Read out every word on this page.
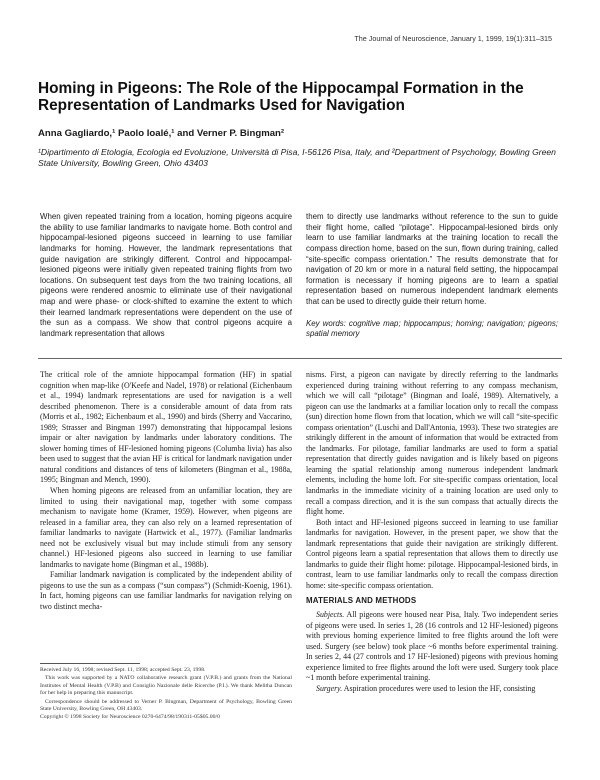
The Journal of Neuroscience, January 1, 1999, 19(1):311–315
Homing in Pigeons: The Role of the Hippocampal Formation in the Representation of Landmarks Used for Navigation
Anna Gagliardo,¹ Paolo Ioalé,¹ and Verner P. Bingman²
¹Dipartimento di Etologia, Ecologia ed Evoluzione, Università di Pisa, I-56126 Pisa, Italy, and ²Department of Psychology, Bowling Green State University, Bowling Green, Ohio 43403
When given repeated training from a location, homing pigeons acquire the ability to use familiar landmarks to navigate home. Both control and hippocampal-lesioned pigeons succeed in learning to use familiar landmarks for homing. However, the landmark representations that guide navigation are strikingly different. Control and hippocampal-lesioned pigeons were initially given repeated training flights from two locations. On subsequent test days from the two training locations, all pigeons were rendered anosmic to eliminate use of their navigational map and were phase- or clock-shifted to examine the extent to which their learned landmark representations were dependent on the use of the sun as a compass. We show that control pigeons acquire a landmark representation that allows
them to directly use landmarks without reference to the sun to guide their flight home, called “pilotage”. Hippocampal-lesioned birds only learn to use familiar landmarks at the training location to recall the compass direction home, based on the sun, flown during training, called “site-specific compass orientation.” The results demonstrate that for navigation of 20 km or more in a natural field setting, the hippocampal formation is necessary if homing pigeons are to learn a spatial representation based on numerous independent landmark elements that can be used to directly guide their return home.
Key words: cognitive map; hippocampus; homing; navigation; pigeons; spatial memory

The critical role of the amniote hippocampal formation (HF) in spatial cognition when map-like (O'Keefe and Nadel, 1978) or relational (Eichenbaum et al., 1994) landmark representations are used for navigation is a well described phenomenon. There is a considerable amount of data from rats (Morris et al., 1982; Eichenbaum et al., 1990) and birds (Sherry and Vaccarino, 1989; Strasser and Bingman 1997) demonstrating that hippocampal lesions impair or alter navigation by landmarks under laboratory conditions. The slower homing times of HF-lesioned homing pigeons (Columba livia) has also been used to suggest that the avian HF is critical for landmark navigation under natural conditions and distances of tens of kilometers (Bingman et al., 1988a, 1995; Bingman and Mench, 1990).

When homing pigeons are released from an unfamiliar location, they are limited to using their navigational map, together with some compass mechanism to navigate home (Kramer, 1959). However, when pigeons are released in a familiar area, they can also rely on a learned representation of familiar landmarks to navigate (Hartwick et al., 1977). (Familiar landmarks need not be exclusively visual but may include stimuli from any sensory channel.) HF-lesioned pigeons also succeed in learning to use familiar landmarks to navigate home (Bingman et al., 1988b).

Familiar landmark navigation is complicated by the independent ability of pigeons to use the sun as a compass (“sun compass”) (Schmidt-Koenig, 1961). In fact, homing pigeons can use familiar landmarks for navigation relying on two distinct mecha-

nisms. First, a pigeon can navigate by directly referring to the landmarks experienced during training without referring to any compass mechanism, which we will call “pilotage” (Bingman and Ioalé, 1989). Alternatively, a pigeon can use the landmarks at a familiar location only to recall the compass (sun) direction home flown from that location, which we will call “site-specific compass orientation” (Luschi and Dall'Antonia, 1993). These two strategies are strikingly different in the amount of information that would be extracted from the landmarks. For pilotage, familiar landmarks are used to form a spatial representation that directly guides navigation and is likely based on pigeons learning the spatial relationship among numerous independent landmark elements, including the home loft. For site-specific compass orientation, local landmarks in the immediate vicinity of a training location are used only to recall a compass direction, and it is the sun compass that actually directs the flight home.

Both intact and HF-lesioned pigeons succeed in learning to use familiar landmarks for navigation. However, in the present paper, we show that the landmark representations that guide their navigation are strikingly different. Control pigeons learn a spatial representation that allows them to directly use landmarks to guide their flight home: pilotage. Hippocampal-lesioned birds, in contrast, learn to use familiar landmarks only to recall the compass direction home: site-specific compass orientation.

MATERIALS AND METHODS

Subjects. All pigeons were housed near Pisa, Italy. Two independent series of pigeons were used. In series 1, 28 (16 controls and 12 HF-lesioned) pigeons with previous homing experience limited to free flights around the loft were used. Surgery (see below) took place ~6 months before experimental training. In series 2, 44 (27 controls and 17 HF-lesioned) pigeons with previous homing experience limited to free flights around the loft were used. Surgery took place ~1 month before experimental training.

Surgery. Aspiration procedures were used to lesion the HF, consisting

Received July 16, 1998; revised Sept. 11, 1998; accepted Sept. 23, 1998.

This work was supported by a NATO collaborative research grant (V.P.B.) and grants from the National Institutes of Mental Health (V.P.B) and Consiglio Nazionale delle Ricerche (P.I.). We thank Melitha Duncan for her help in preparing this manuscript.

Correspondence should be addressed to Verner P. Bingman, Department of Psychology, Bowling Green State University, Bowling Green, OH 43403.

Copyright © 1998 Society for Neuroscience 0270-6474/98/190311-05$05.00/0
